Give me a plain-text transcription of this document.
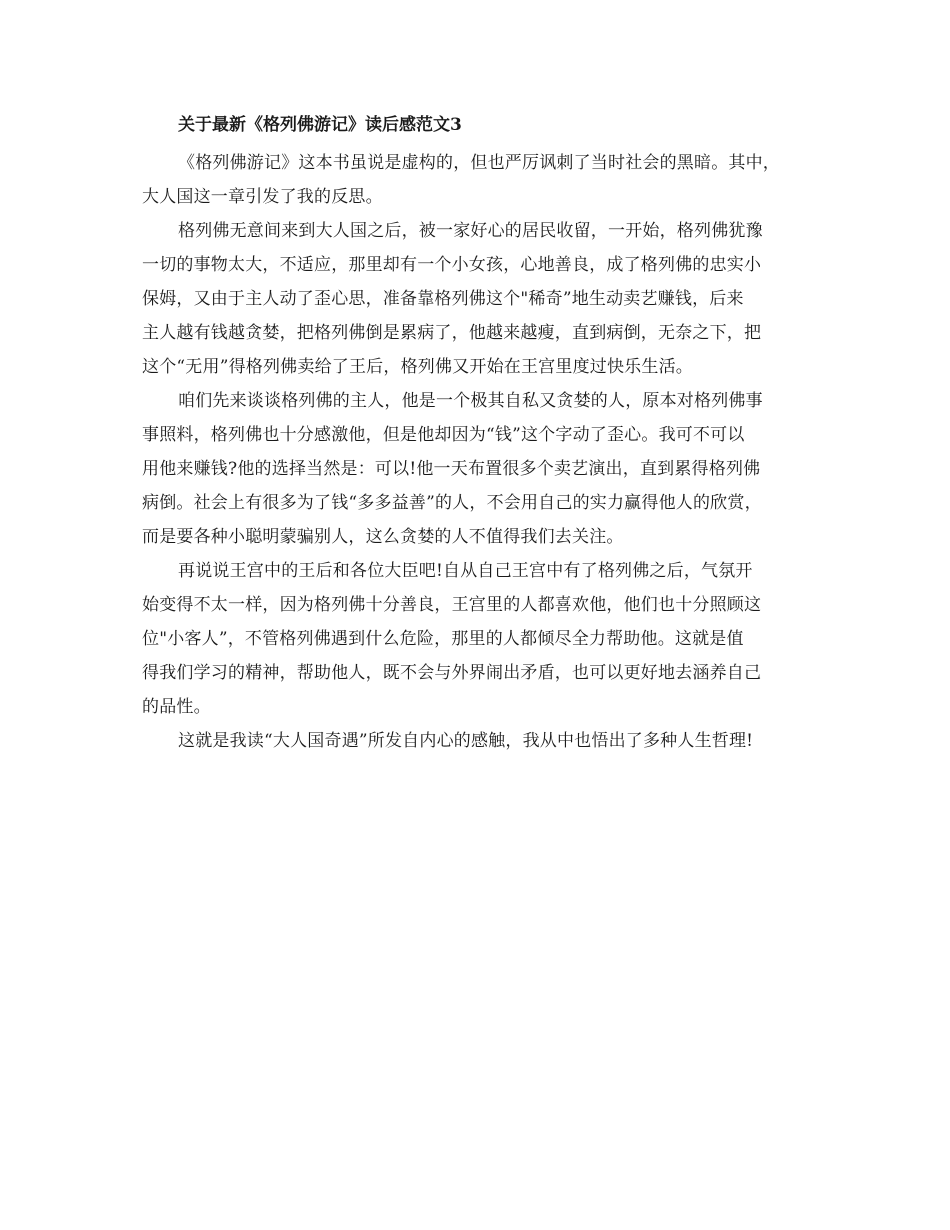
关于最新《格列佛游记》读后感范文3
《格列佛游记》这本书虽说是虚构的，但也严厉讽刺了当时社会的黑暗。其中，
大人国这一章引发了我的反思。
格列佛无意间来到大人国之后，被一家好心的居民收留，一开始，格列佛犹豫
一切的事物太大，不适应，那里却有一个小女孩，心地善良，成了格列佛的忠实小
保姆，又由于主人动了歪心思，准备靠格列佛这个"稀奇”地生动卖艺赚钱，后来
主人越有钱越贪婪，把格列佛倒是累病了，他越来越瘦，直到病倒，无奈之下，把
这个“无用”得格列佛卖给了王后，格列佛又开始在王宫里度过快乐生活。
咱们先来谈谈格列佛的主人，他是一个极其自私又贪婪的人，原本对格列佛事
事照料，格列佛也十分感激他，但是他却因为“钱”这个字动了歪心。我可不可以
用他来赚钱?他的选择当然是：可以!他一天布置很多个卖艺演出，直到累得格列佛
病倒。社会上有很多为了钱“多多益善”的人，不会用自己的实力赢得他人的欣赏，
而是要各种小聪明蒙骗别人，这么贪婪的人不值得我们去关注。
再说说王宫中的王后和各位大臣吧!自从自己王宫中有了格列佛之后，气氛开
始变得不太一样，因为格列佛十分善良，王宫里的人都喜欢他，他们也十分照顾这
位"小客人”，不管格列佛遇到什么危险，那里的人都倾尽全力帮助他。这就是值
得我们学习的精神，帮助他人，既不会与外界闹出矛盾，也可以更好地去涵养自己
的品性。
这就是我读“大人国奇遇”所发自内心的感触，我从中也悟出了多种人生哲理!
